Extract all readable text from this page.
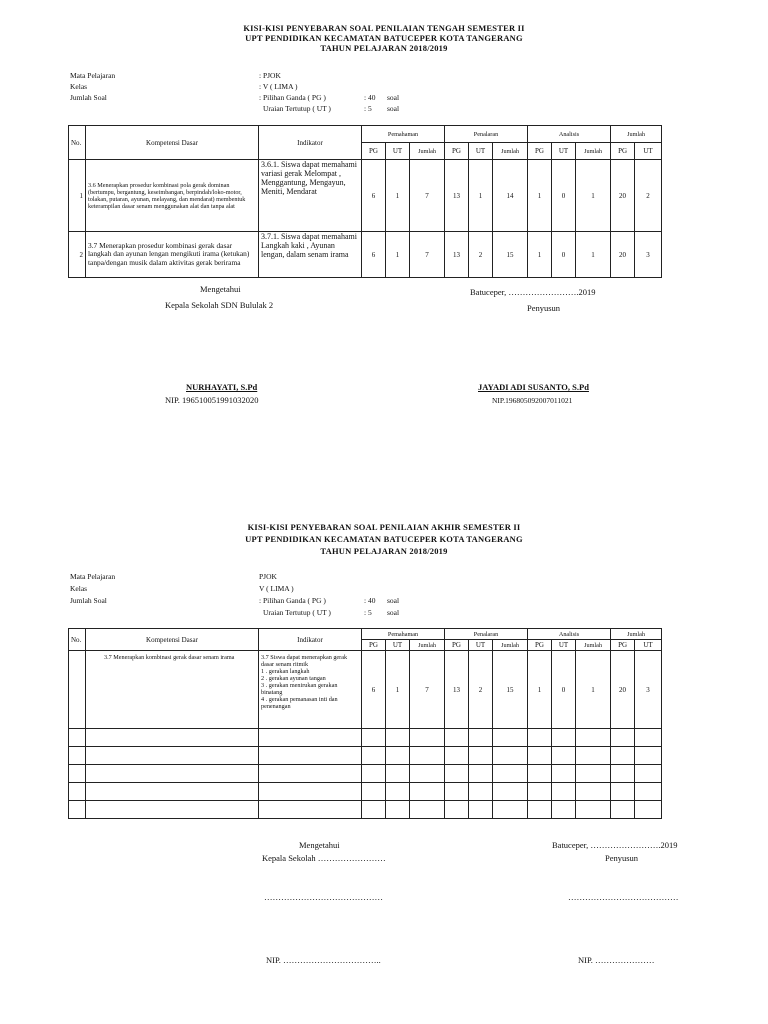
KISI-KISI PENYEBARAN SOAL PENILAIAN TENGAH SEMESTER II
UPT PENDIDIKAN KECAMATAN BATUCEPER KOTA TANGERANG
TAHUN PELAJARAN 2018/2019
Mata Pelajaran	: PJOK
Kelas	: V ( LIMA )
Jumlah Soal	: Pilihan Ganda ( PG )	: 40 soal
Uraian Tertutup ( UT )	: 5 soal
No.	Kompetensi Dasar	Indikator	Pemahaman			Penalaran			Analisis			Jumlah	
			PG	UT	Jumlah	PG	UT	Jumlah	PG	UT	Jumlah	PG	UT
1	3.6 Menerapkan prosedur kombinasi pola gerak dominan (bertumpu, bergantung, keseimbangan, berpindah/loko-motor, tolakan, putaran, ayunan, melayang, dan mendarat) membentuk keterampilan dasar senam menggunakan alat dan tanpa alat	3.6.1. Siswa dapat memahami variasi gerak Melompat , Menggantung, Mengayun, Meniti, Mendarat	6	1	7	13	1	14	1	0	1	20	2
2	3.7 Menerapkan prosedur kombinasi gerak dasar langkah dan ayunan lengan mengikuti irama (ketukan) tanpa/dengan musik dalam aktivitas gerak berirama	3.7.1. Siswa dapat memahami Langkah kaki , Ayunan lengan, dalam senam irama	6	1	7	13	2	15	1	0	1	20	3
Mengetahui
Kepala Sekolah SDN Bululak 2
Batuceper, …………………….2019
Penyusun
NURHAYATI, S.Pd
NIP. 196510051991032020
JAYADI ADI SUSANTO, S.Pd
NIP.196805092007011021
KISI-KISI PENYEBARAN SOAL PENILAIAN AKHIR SEMESTER II
UPT PENDIDIKAN KECAMATAN BATUCEPER KOTA TANGERANG
TAHUN PELAJARAN 2018/2019
Mata Pelajaran	PJOK
Kelas	V ( LIMA )
Jumlah Soal	: Pilihan Ganda ( PG )	: 40 soal
Uraian Tertutup ( UT )	: 5 soal
No.	Kompetensi Dasar	Indikator	Pemahaman			Penalaran			Analisis			Jumlah	
			PG	UT	Jumlah	PG	UT	Jumlah	PG	UT	Jumlah	PG	UT
	3.7 Menerapkan kombinasi gerak dasar senam irama	3.7 Siswa dapat menerapkan gerak dasar senam ritmik
1 . gerakan langkah
2 . gerakan ayunan tangan
3 . gerakan menirukan gerakan binatang
4 . gerakan pemanasan inti dan penenangan	6	1	7	13	2	15	1	0	1	20	3

Mengetahui
Kepala Sekolah ……………………
Batuceper, …………………….2019
Penyusun
……………………………………	…………………………………
NIP. ……………………………..	NIP. …………………
